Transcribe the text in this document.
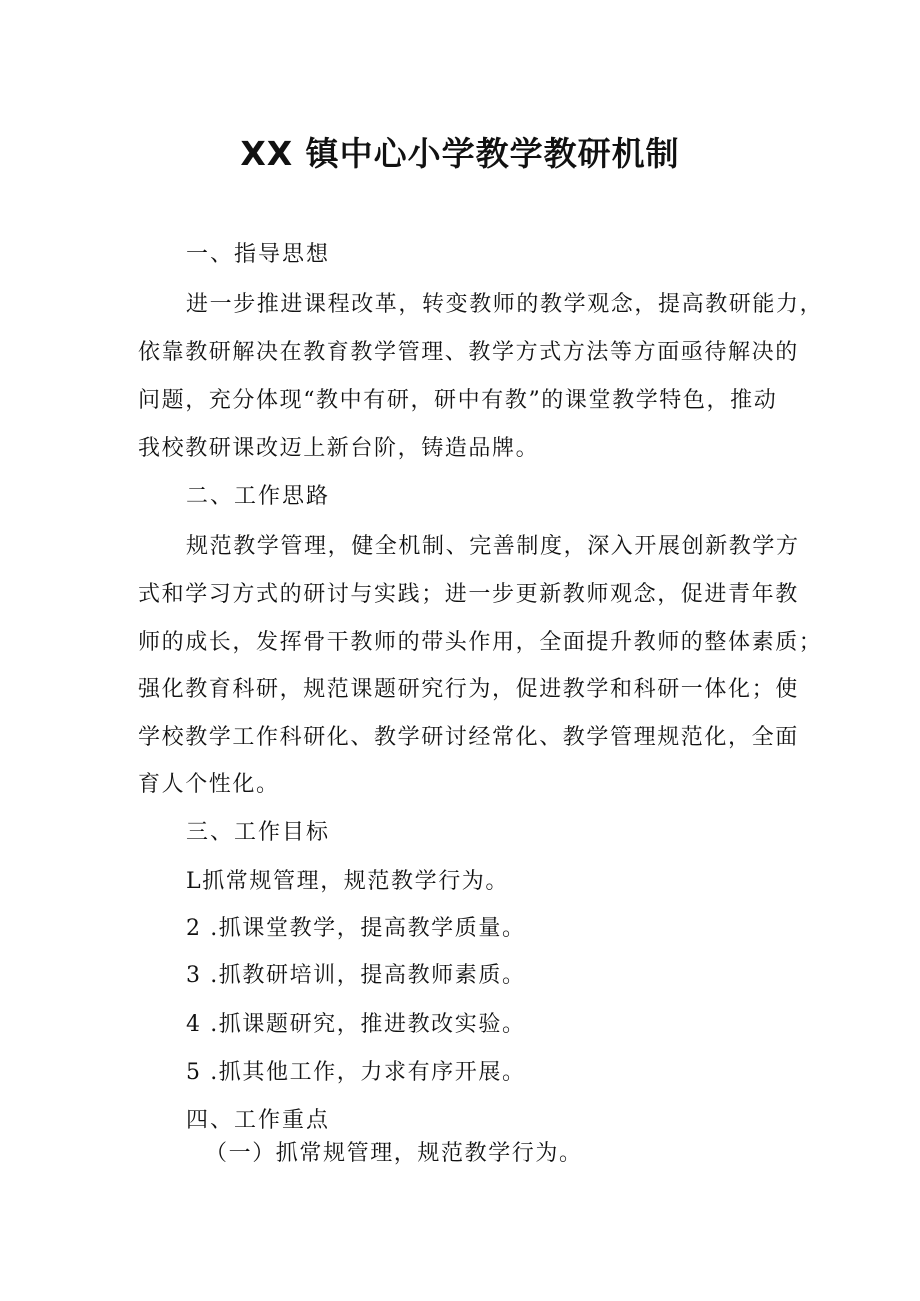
XX 镇中心小学教学教研机制

一、指导思想

进一步推进课程改革，转变教师的教学观念，提高教研能力，

依靠教研解决在教育教学管理、教学方式方法等方面亟待解决的

问题，充分体现“教中有研，研中有教”的课堂教学特色，推动

我校教研课改迈上新台阶，铸造品牌。

二、工作思路

规范教学管理，健全机制、完善制度，深入开展创新教学方

式和学习方式的研讨与实践；进一步更新教师观念，促进青年教

师的成长，发挥骨干教师的带头作用，全面提升教师的整体素质；

强化教育科研，规范课题研究行为，促进教学和科研一体化；使

学校教学工作科研化、教学研讨经常化、教学管理规范化，全面

育人个性化。

三、工作目标

L抓常规管理，规范教学行为。

2 .抓课堂教学，提高教学质量。

3 .抓教研培训，提高教师素质。

4 .抓课题研究，推进教改实验。

5 .抓其他工作，力求有序开展。

四、工作重点

（一）抓常规管理，规范教学行为。
